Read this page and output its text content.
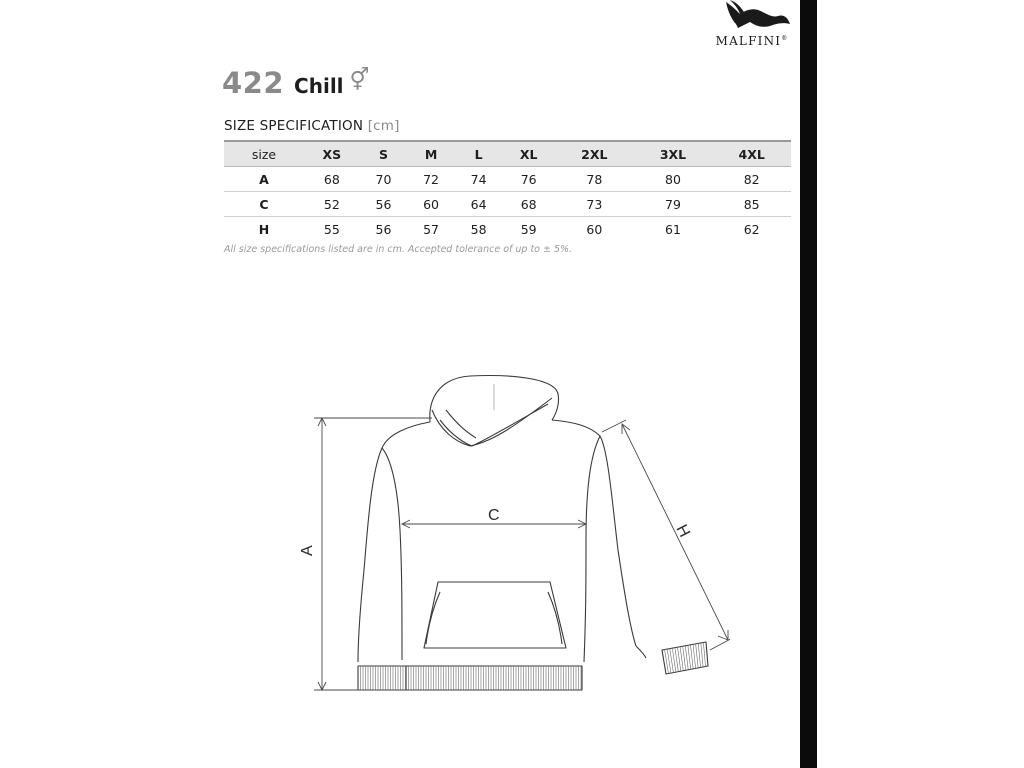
MALFINI®
422 Chill ⚥
SIZE SPECIFICATION [cm]
size	XS	S	M	L	XL	2XL	3XL	4XL
A	68	70	72	74	76	78	80	82
C	52	56	60	64	68	73	79	85
H	55	56	57	58	59	60	61	62
All size specifications listed are in cm. Accepted tolerance of up to ± 5%.
A
C
H
